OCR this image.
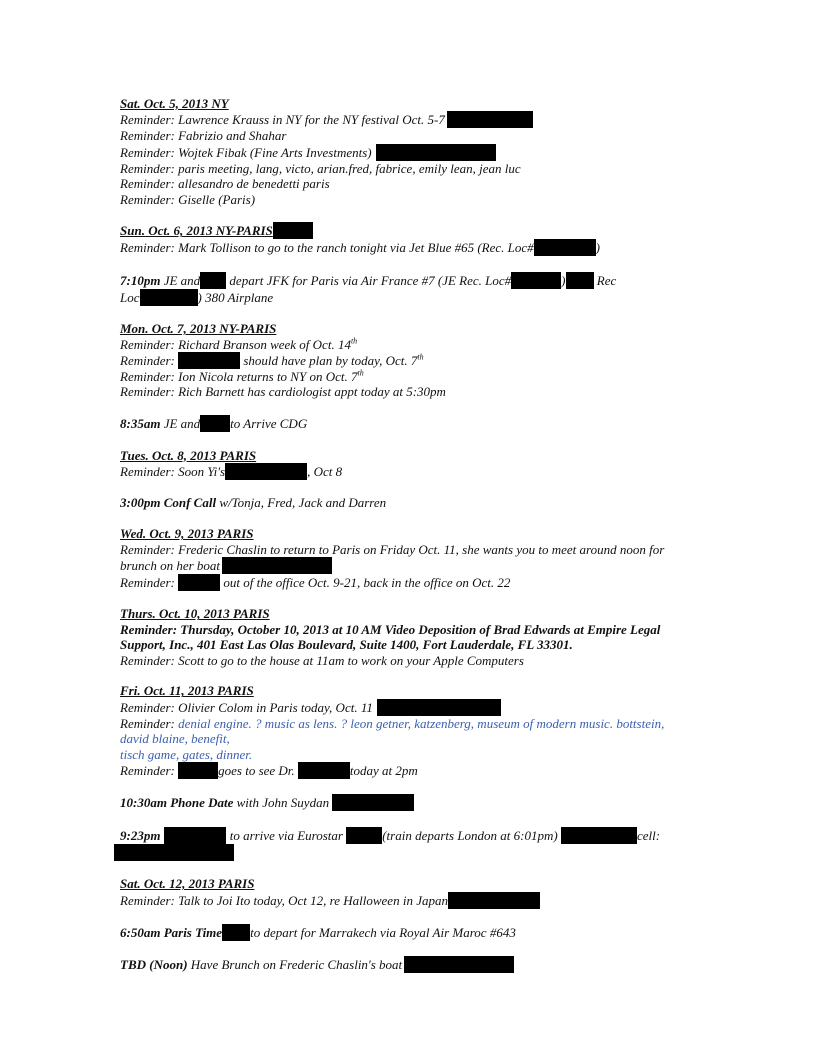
Sat. Oct. 5, 2013 NY
Reminder: Lawrence Krauss in NY for the NY festival Oct. 5-7
Reminder: Fabrizio and Shahar
Reminder: Wojtek Fibak (Fine Arts Investments)
Reminder: paris meeting, lang, victo, arian.fred, fabrice, emily lean, jean luc
Reminder: allesandro de benedetti paris
Reminder: Giselle (Paris)
Sun. Oct. 6, 2013 NY-PARIS
Reminder: Mark Tollison to go to the ranch tonight via Jet Blue #65 (Rec. Loc#	)
7:10pm JE and depart JFK for Paris via Air France #7 (JE Rec. Loc#	) Rec
Loc	) 380 Airplane
Mon. Oct. 7, 2013 NY-PARIS
Reminder: Richard Branson week of Oct. 14th
Reminder:	should have plan by today, Oct. 7th
Reminder: Ion Nicola returns to NY on Oct. 7th
Reminder: Rich Barnett has cardiologist appt today at 5:30pm
8:35am JE and to Arrive CDG
Tues. Oct. 8, 2013 PARIS
Reminder: Soon Yi's	, Oct 8
3:00pm Conf Call w/Tonja, Fred, Jack and Darren
Wed. Oct. 9, 2013 PARIS
Reminder: Frederic Chaslin to return to Paris on Friday Oct. 11, she wants you to meet around noon for
brunch on her boat
Reminder:	out of the office Oct. 9-21, back in the office on Oct. 22
Thurs. Oct. 10, 2013 PARIS
Reminder: Thursday, October 10, 2013 at 10 AM Video Deposition of Brad Edwards at Empire Legal
Support, Inc., 401 East Las Olas Boulevard, Suite 1400, Fort Lauderdale, FL 33301.
Reminder: Scott to go to the house at 11am to work on your Apple Computers
Fri. Oct. 11, 2013 PARIS
Reminder: Olivier Colom in Paris today, Oct. 11
Reminder: denial engine. ? music as lens. ? leon getner, katzenberg, museum of modern music. bottstein,
david blaine, benefit,
tisch game, gates, dinner.
Reminder:	goes to see Dr.	today at 2pm
10:30am Phone Date with John Suydan
9:23pm	to arrive via Eurostar	(train departs London at 6:01pm)	cell:
Sat. Oct. 12, 2013 PARIS
Reminder: Talk to Joi Ito today, Oct 12, re Halloween in Japan
6:50am Paris Time to depart for Marrakech via Royal Air Maroc #643
TBD (Noon) Have Brunch on Frederic Chaslin's boat
